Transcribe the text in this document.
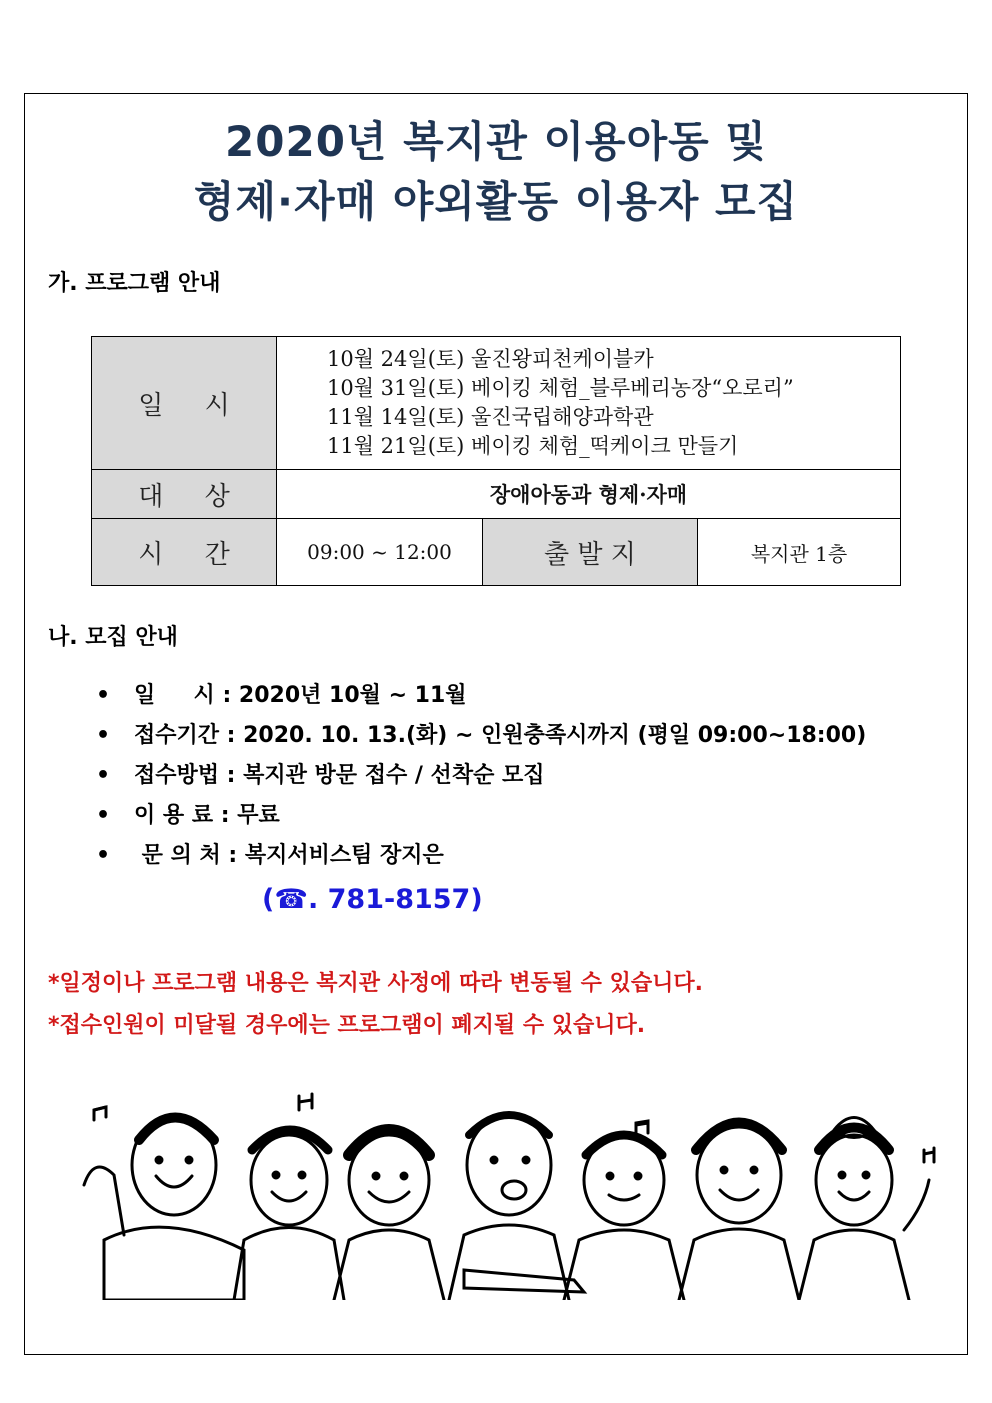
2020년 복지관 이용아동 및
형제·자매 야외활동 이용자 모집
가. 프로그램 안내
일     시	10월 24일(토) 울진왕피천케이블카
10월 31일(토) 베이킹 체험_블루베리농장“오로리”
11월 14일(토) 울진국립해양과학관
11월 21일(토) 베이킹 체험_떡케이크 만들기		

대     상	장애아동과 형제·자매		
시     간	09:00 ~ 12:00	출 발 지	복지관 1층
나. 모집 안내
• 일     시 : 2020년 10월 ~ 11월
• 접수기간 : 2020. 10. 13.(화) ~ 인원충족시까지 (평일 09:00~18:00)
• 접수방법 : 복지관 방문 접수 / 선착순 모집
• 이 용 료 : 무료
• 문 의 처 : 복지서비스팀 장지은
(☎. 781-8157)
*일정이나 프로그램 내용은 복지관 사정에 따라 변동될 수 있습니다.
*접수인원이 미달될 경우에는 프로그램이 폐지될 수 있습니다.
